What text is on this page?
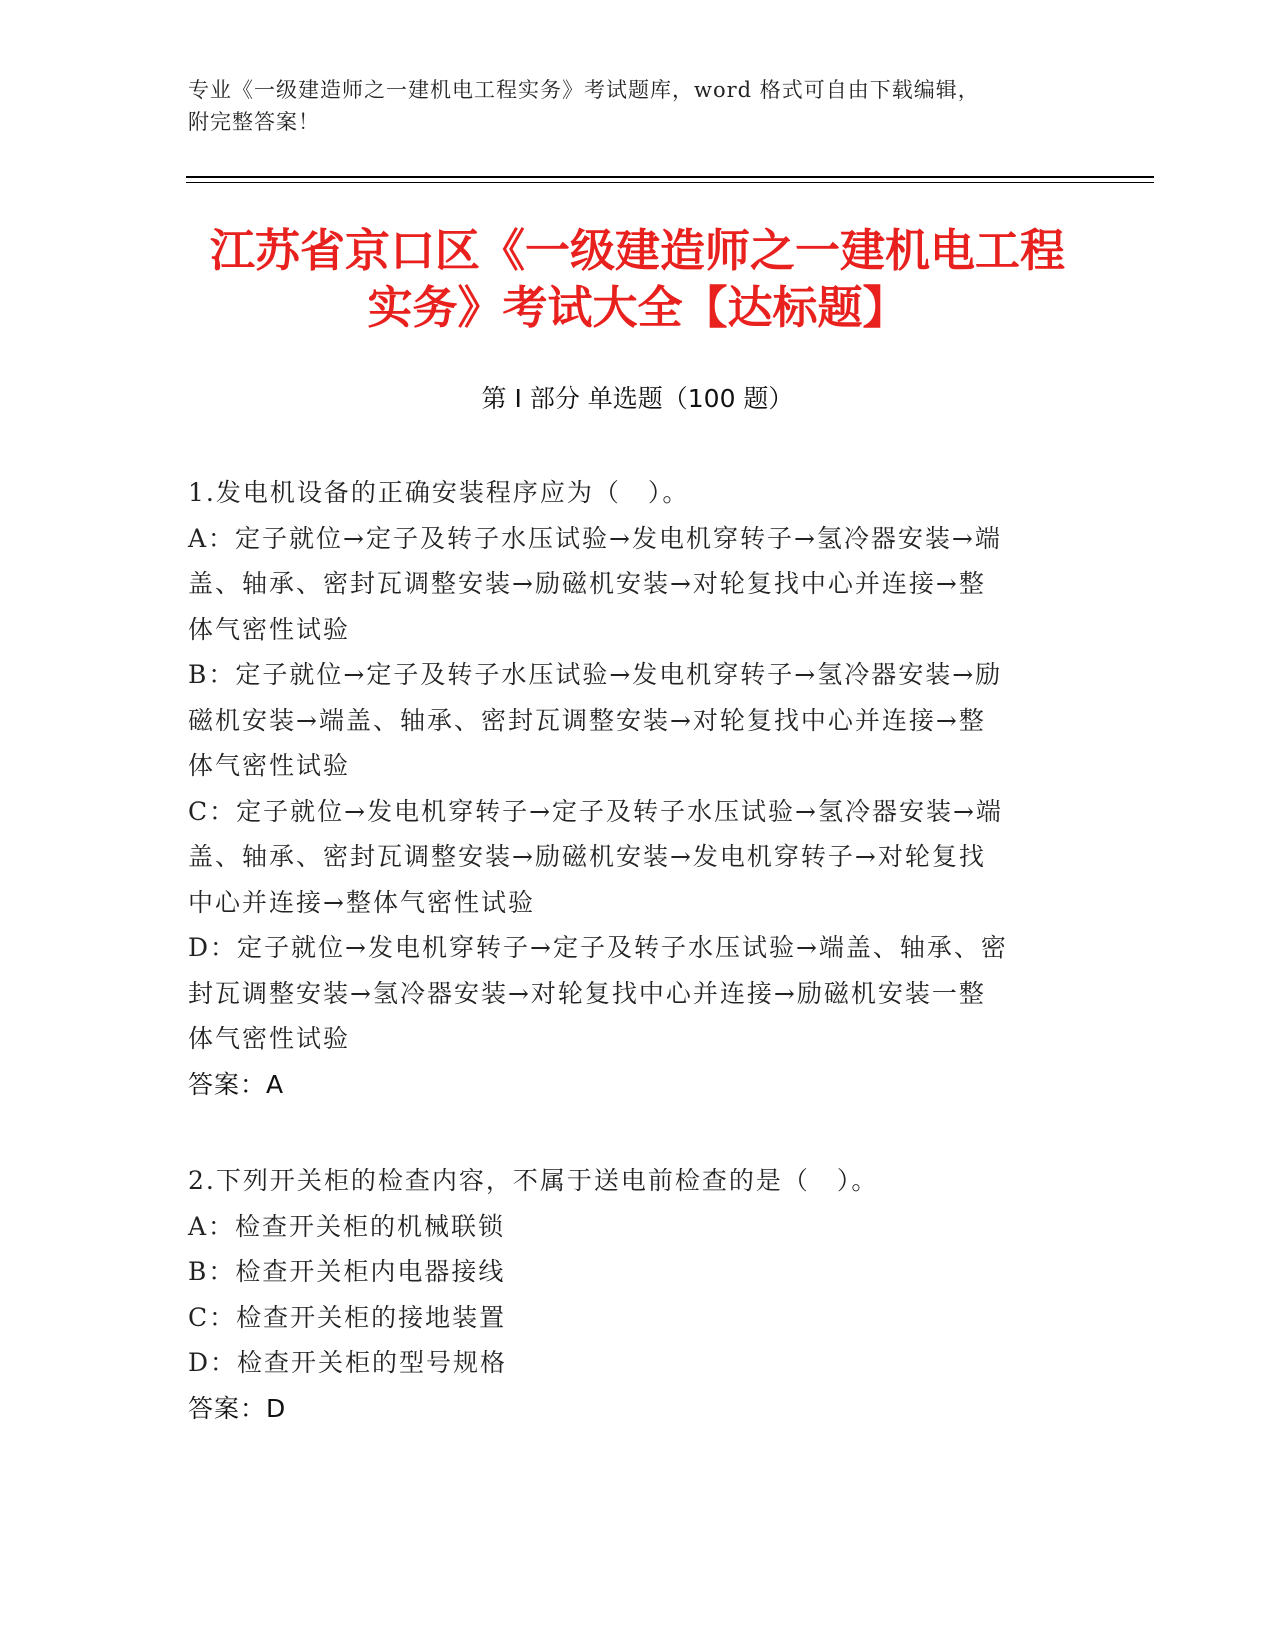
专业《一级建造师之一建机电工程实务》考试题库，word 格式可自由下载编辑，
附完整答案！
江苏省京口区《一级建造师之一建机电工程
实务》考试大全【达标题】
第 I 部分 单选题（100 题）
1.发电机设备的正确安装程序应为（　）。
A：定子就位→定子及转子水压试验→发电机穿转子→氢冷器安装→端
盖、轴承、密封瓦调整安装→励磁机安装→对轮复找中心并连接→整
体气密性试验
B：定子就位→定子及转子水压试验→发电机穿转子→氢冷器安装→励
磁机安装→端盖、轴承、密封瓦调整安装→对轮复找中心并连接→整
体气密性试验
C：定子就位→发电机穿转子→定子及转子水压试验→氢冷器安装→端
盖、轴承、密封瓦调整安装→励磁机安装→发电机穿转子→对轮复找
中心并连接→整体气密性试验
D：定子就位→发电机穿转子→定子及转子水压试验→端盖、轴承、密
封瓦调整安装→氢冷器安装→对轮复找中心并连接→励磁机安装一整
体气密性试验
答案：A
2.下列开关柜的检查内容，不属于送电前检查的是（　）。
A：检查开关柜的机械联锁
B：检查开关柜内电器接线
C：检查开关柜的接地装置
D：检查开关柜的型号规格
答案：D
